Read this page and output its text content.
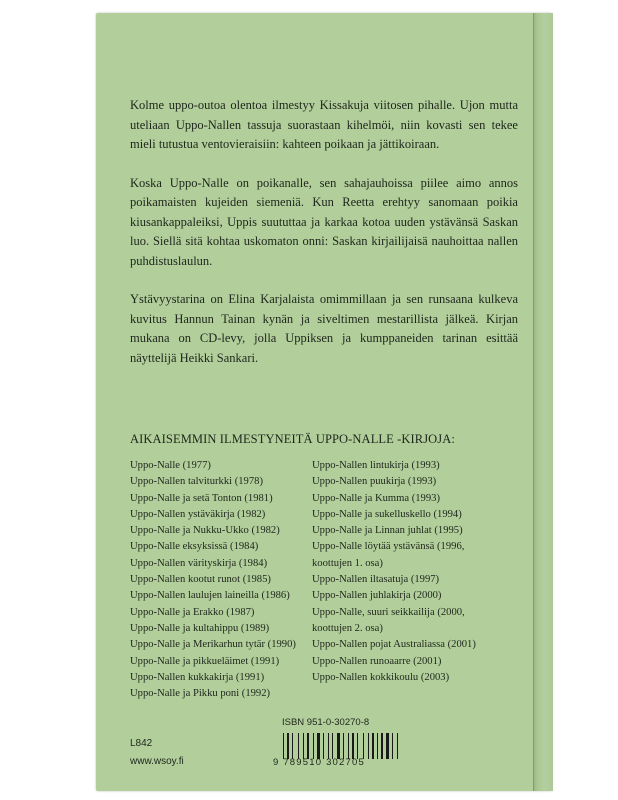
Kolme uppo-outoa olentoa ilmestyy Kissakuja viitosen pihalle. Ujon mutta uteliaan Uppo-Nallen tassuja suorastaan kihelmöi, niin kovasti sen tekee mieli tutustua ventovieraisiin: kahteen poikaan ja jättikoiraan.

Koska Uppo-Nalle on poikanalle, sen sahajauhoissa piilee aimo annos poikamaisten kujeiden siemeniä. Kun Reetta erehtyy sanomaan poikia kiusankappaleiksi, Uppis suututtaa ja karkaa kotoa uuden ystävänsä Saskan luo. Siellä sitä kohtaa uskomaton onni: Saskan kirjailijaisä nauhoittaa nallen puhdistuslaulun.

Ystävyystarina on Elina Karjalaista omimmillaan ja sen runsaana kulkeva kuvitus Hannun Tainan kynän ja siveltimen mestarillista jälkeä. Kirjan mukana on CD-levy, jolla Uppiksen ja kumppaneiden tarinan esittää näyttelijä Heikki Sankari.

AIKAISEMMIN ILMESTYNEITÄ UPPO-NALLE -KIRJOJA:
Uppo-Nalle (1977)
Uppo-Nallen talviturkki (1978)
Uppo-Nalle ja setä Tonton (1981)
Uppo-Nallen ystäväkirja (1982)
Uppo-Nalle ja Nukku-Ukko (1982)
Uppo-Nalle eksyksissä (1984)
Uppo-Nallen värityskirja (1984)
Uppo-Nallen kootut runot (1985)
Uppo-Nallen laulujen laineilla (1986)
Uppo-Nalle ja Erakko (1987)
Uppo-Nalle ja kultahippu (1989)
Uppo-Nalle ja Merikarhun tytär (1990)
Uppo-Nalle ja pikkueläimet (1991)
Uppo-Nallen kukkakirja (1991)
Uppo-Nalle ja Pikku poni (1992)
Uppo-Nallen lintukirja (1993)
Uppo-Nallen puukirja (1993)
Uppo-Nalle ja Kumma (1993)
Uppo-Nalle ja sukelluskello (1994)
Uppo-Nalle ja Linnan juhlat (1995)
Uppo-Nalle löytää ystävänsä (1996,
koottujen 1. osa)
Uppo-Nallen iltasatuja (1997)
Uppo-Nallen juhlakirja (2000)
Uppo-Nalle, suuri seikkailija (2000,
koottujen 2. osa)
Uppo-Nallen pojat Australiassa (2001)
Uppo-Nallen runoaarre (2001)
Uppo-Nallen kokkikoulu (2003)
ISBN 951-0-30270-8
9 789510 302705
L842
www.wsoy.fi
